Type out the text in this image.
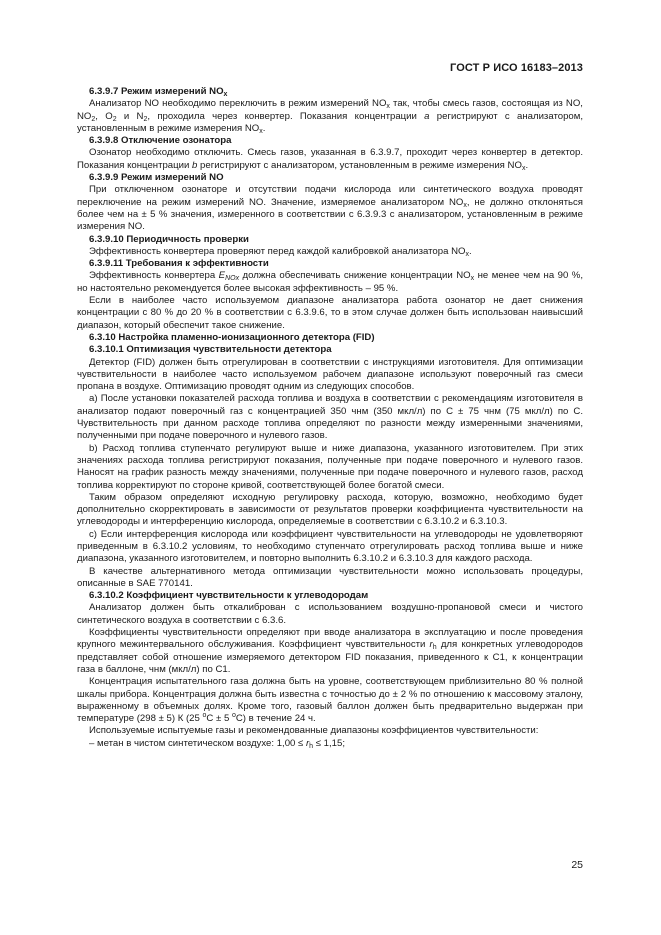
ГОСТ Р ИСО 16183–2013

6.3.9.7 Режим измерений $NO_x$

Анализатор NO необходимо переключить в режим измерений $NO_x$ так, чтобы смесь газов, состоящая из NO, $NO_2$, $O_2$ и $N_2$, проходила через конвертер. Показания концентрации a регистрируют с анализатором, установленным в режиме измерения $NO_x$.

6.3.9.8 Отключение озонатора

Озонатор необходимо отключить. Смесь газов, указанная в 6.3.9.7, проходит через конвертер в детектор. Показания концентрации b регистрируют с анализатором, установленным в режиме измерения $NO_x$.

6.3.9.9 Режим измерений NO

При отключенном озонаторе и отсутствии подачи кислорода или синтетического воздуха проводят переключение на режим измерений NO. Значение, измеряемое анализатором $NO_x$, не должно отклоняться более чем на ± 5 % значения, измеренного в соответствии с 6.3.9.3 с анализатором, установленным в режиме измерения NO.

6.3.9.10 Периодичность проверки

Эффективность конвертера проверяют перед каждой калибровкой анализатора $NO_x$.

6.3.9.11 Требования к эффективности

Эффективность конвертера $E_{NOx}$ должна обеспечивать снижение концентрации $NO_x$ не менее чем на 90 %, но настоятельно рекомендуется более высокая эффективность – 95 %.

Если в наиболее часто используемом диапазоне анализатора работа озонатор не дает снижения концентрации с 80 % до 20 % в соответствии с 6.3.9.6, то в этом случае должен быть использован наивысший диапазон, который обеспечит такое снижение.

6.3.10 Настройка пламенно-ионизационного детектора (FID)

6.3.10.1 Оптимизация чувствительности детектора

Детектор (FID) должен быть отрегулирован в соответствии с инструкциями изготовителя. Для оптимизации чувствительности в наиболее часто используемом рабочем диапазоне используют поверочный газ смеси пропана в воздухе. Оптимизацию проводят одним из следующих способов.

а) После установки показателей расхода топлива и воздуха в соответствии с рекомендациям изготовителя в анализатор подают поверочный газ с концентрацией 350 чнм (350 мкл/л) по С ± 75 чнм (75 мкл/л) по С. Чувствительность при данном расходе топлива определяют по разности между измеренными значениями, полученными при подаче поверочного и нулевого газов.

b) Расход топлива ступенчато регулируют выше и ниже диапазона, указанного изготовителем. При этих значениях расхода топлива регистрируют показания, полученные при подаче поверочного и нулевого газов. Наносят на график разность между значениями, полученные при подаче поверочного и нулевого газов, расход топлива корректируют по стороне кривой, соответствующей более богатой смеси.

Таким образом определяют исходную регулировку расхода, которую, возможно, необходимо будет дополнительно скорректировать в зависимости от результатов проверки коэффициента чувствительности на углеводороды и интерференцию кислорода, определяемые в соответствии с 6.3.10.2 и 6.3.10.3.

с) Если интерференция кислорода или коэффициент чувствительности на углеводороды не удовлетворяют приведенным в 6.3.10.2 условиям, то необходимо ступенчато отрегулировать расход топлива выше и ниже диапазона, указанного изготовителем, и повторно выполнить 6.3.10.2 и 6.3.10.3 для каждого расхода.

В качестве альтернативного метода оптимизации чувствительности можно использовать процедуры, описанные в SAE 770141.

6.3.10.2 Коэффициент чувствительности к углеводородам

Анализатор должен быть откалиброван с использованием воздушно-пропановой смеси и чистого синтетического воздуха в соответствии с 6.3.6.

Коэффициенты чувствительности определяют при вводе анализатора в эксплуатацию и после проведения крупного межинтервального обслуживания. Коэффициент чувствительности $r_h$ для конкретных углеводородов представляет собой отношение измеряемого детектором FID показания, приведенного к С1, к концентрации газа в баллоне, чнм (мкл/л) по С1.

Концентрация испытательного газа должна быть на уровне, соответствующем приблизительно 80 % полной шкалы прибора. Концентрация должна быть известна с точностью до ± 2 % по отношению к массовому эталону, выраженному в объемных долях. Кроме того, газовый баллон должен быть предварительно выдержан при температуре (298 ± 5) К (25 $^о$С ± 5 $^о$С) в течение 24 ч.

Используемые испытуемые газы и рекомендованные диапазоны коэффициентов чувствительности:

– метан в чистом синтетическом воздухе: $1,00 \le r_h \le 1,15$;

25
